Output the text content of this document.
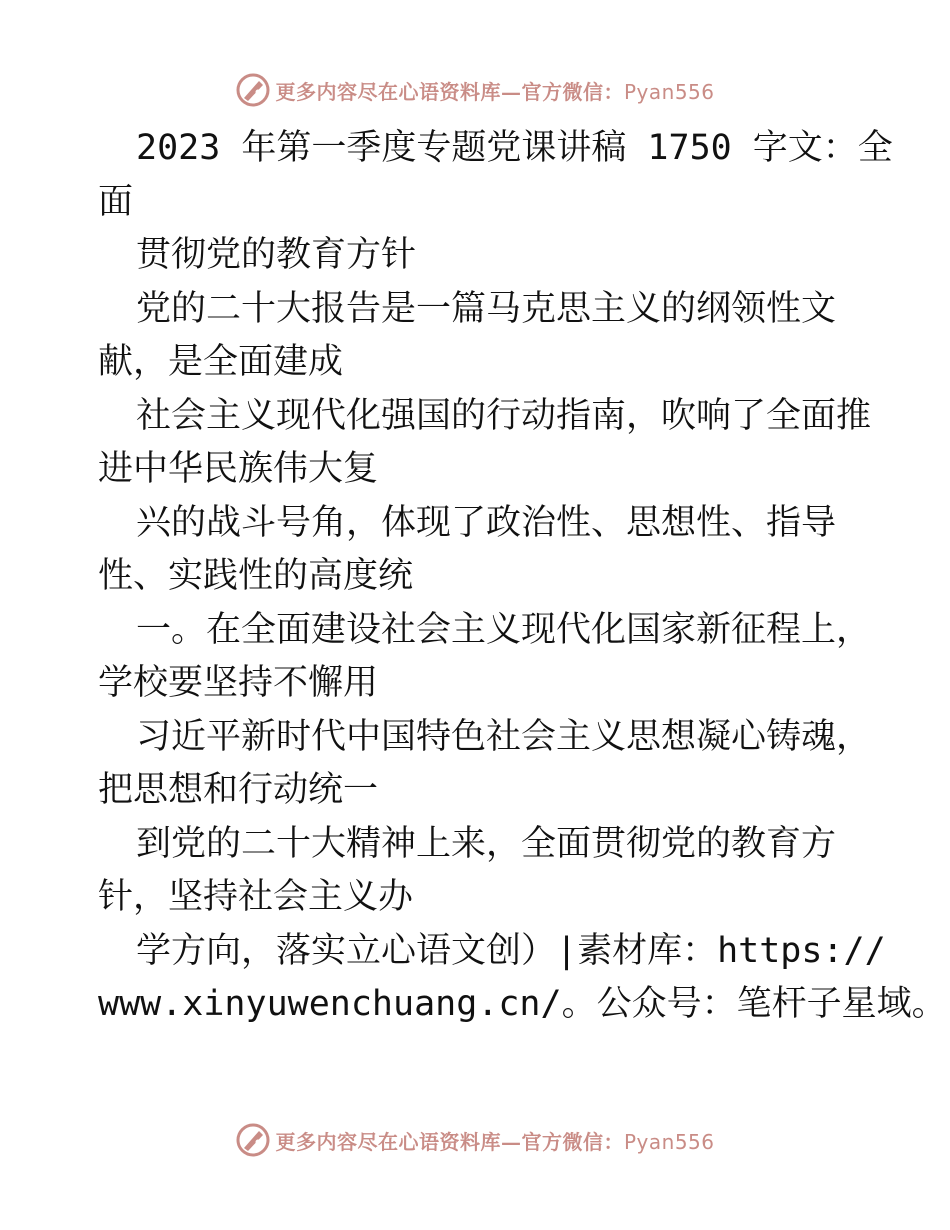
更多内容尽在心语资料库—官方微信：Pyan556
2023 年第一季度专题党课讲稿 1750 字文：全
面
贯彻党的教育方针
党的二十大报告是一篇马克思主义的纲领性文
献，是全面建成
社会主义现代化强国的行动指南，吹响了全面推
进中华民族伟大复
兴的战斗号角，体现了政治性、思想性、指导
性、实践性的高度统
一。在全面建设社会主义现代化国家新征程上，
学校要坚持不懈用
习近平新时代中国特色社会主义思想凝心铸魂，
把思想和行动统一
到党的二十大精神上来，全面贯彻党的教育方
针，坚持社会主义办
学方向，落实立心语文创）|素材库：https://
www.xinyuwenchuang.cn/。公众号：笔杆子星域。
更多内容尽在心语资料库—官方微信：Pyan556
